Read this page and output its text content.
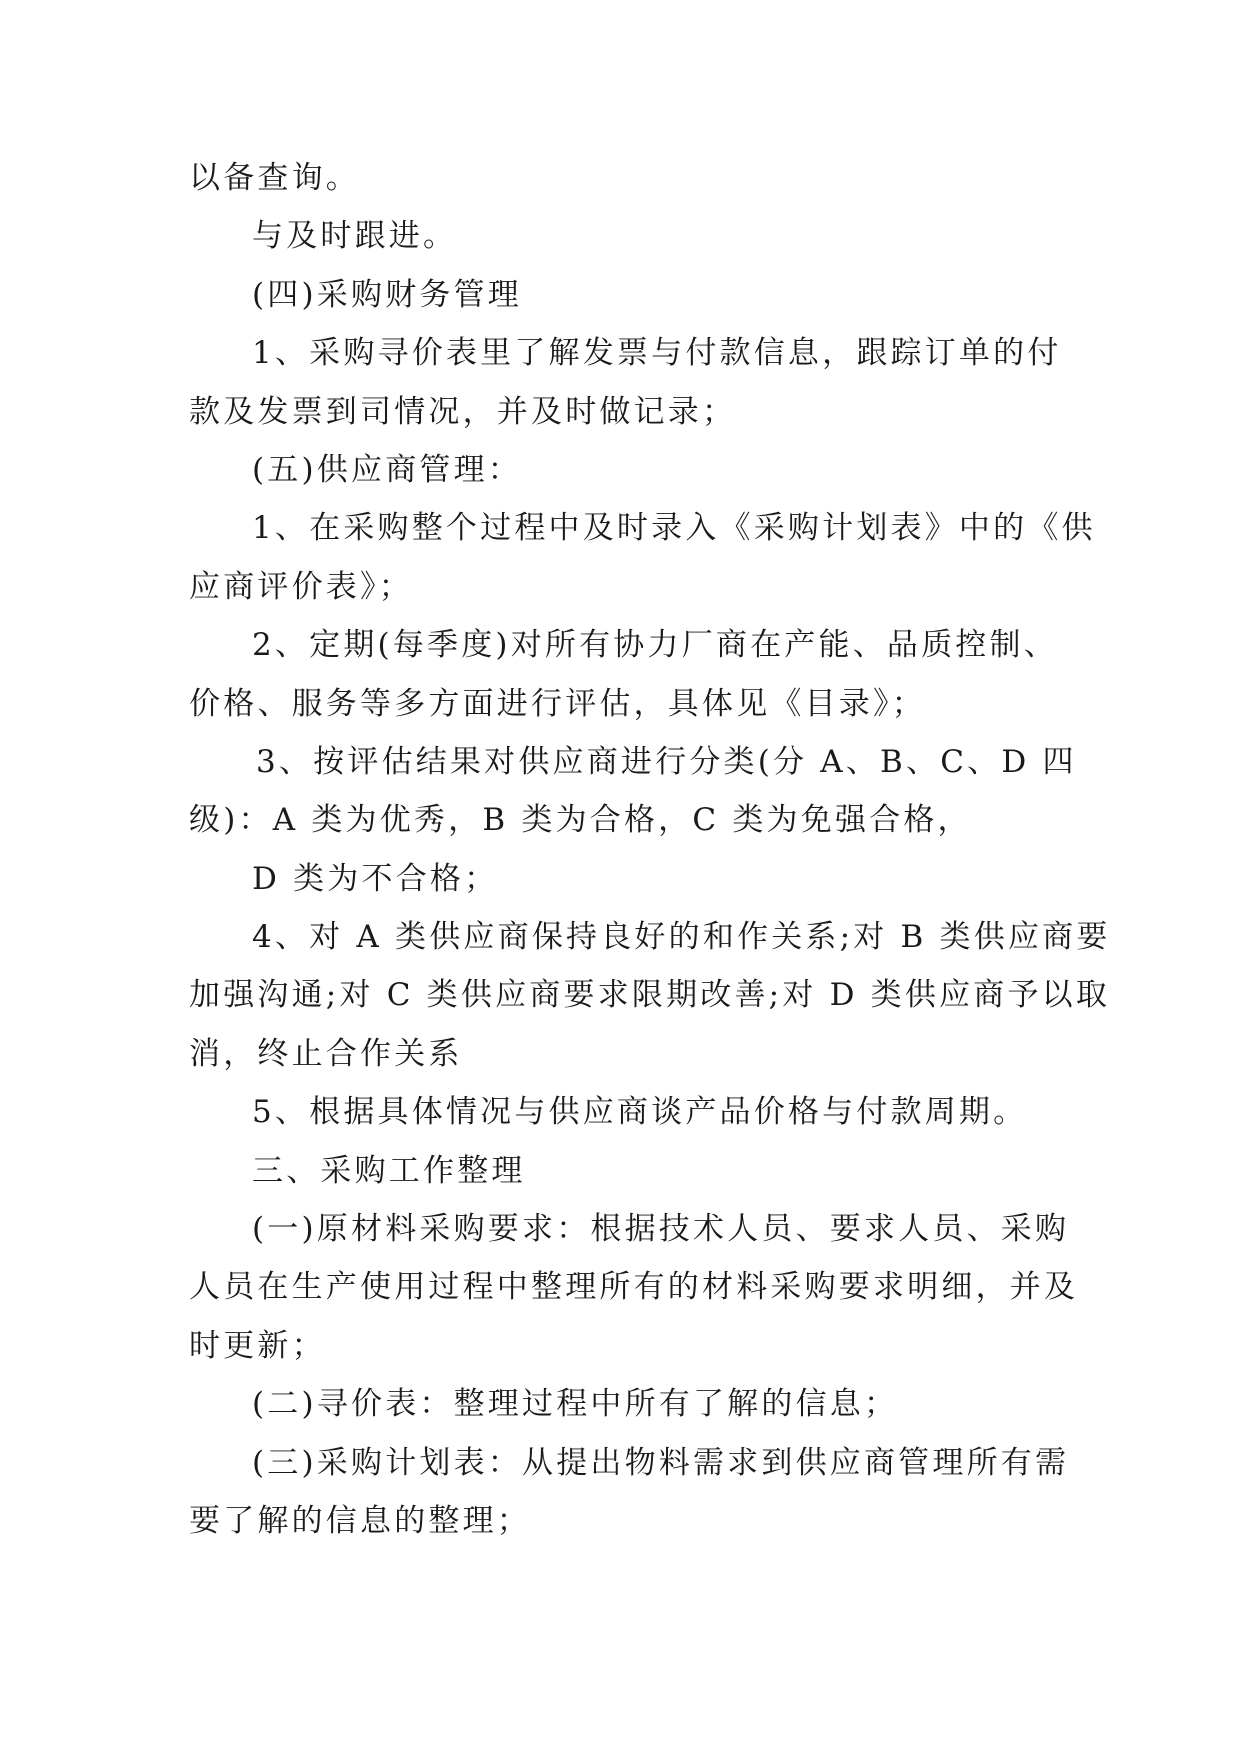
以备查询。
与及时跟进。
(四)采购财务管理
1、采购寻价表里了解发票与付款信息，跟踪订单的付
款及发票到司情况，并及时做记录；
(五)供应商管理：
1、在采购整个过程中及时录入《采购计划表》中的《供
应商评价表》；
2、定期(每季度)对所有协力厂商在产能、品质控制、
价格、服务等多方面进行评估，具体见《目录》；
3、按评估结果对供应商进行分类(分 A、B、C、D 四
级)：A 类为优秀，B 类为合格，C 类为免强合格，
D 类为不合格；
4、对 A 类供应商保持良好的和作关系;对 B 类供应商要
加强沟通;对 C 类供应商要求限期改善;对 D 类供应商予以取
消，终止合作关系
5、根据具体情况与供应商谈产品价格与付款周期。
三、采购工作整理
(一)原材料采购要求：根据技术人员、要求人员、采购
人员在生产使用过程中整理所有的材料采购要求明细，并及
时更新；
(二)寻价表：整理过程中所有了解的信息；
(三)采购计划表：从提出物料需求到供应商管理所有需
要了解的信息的整理；
